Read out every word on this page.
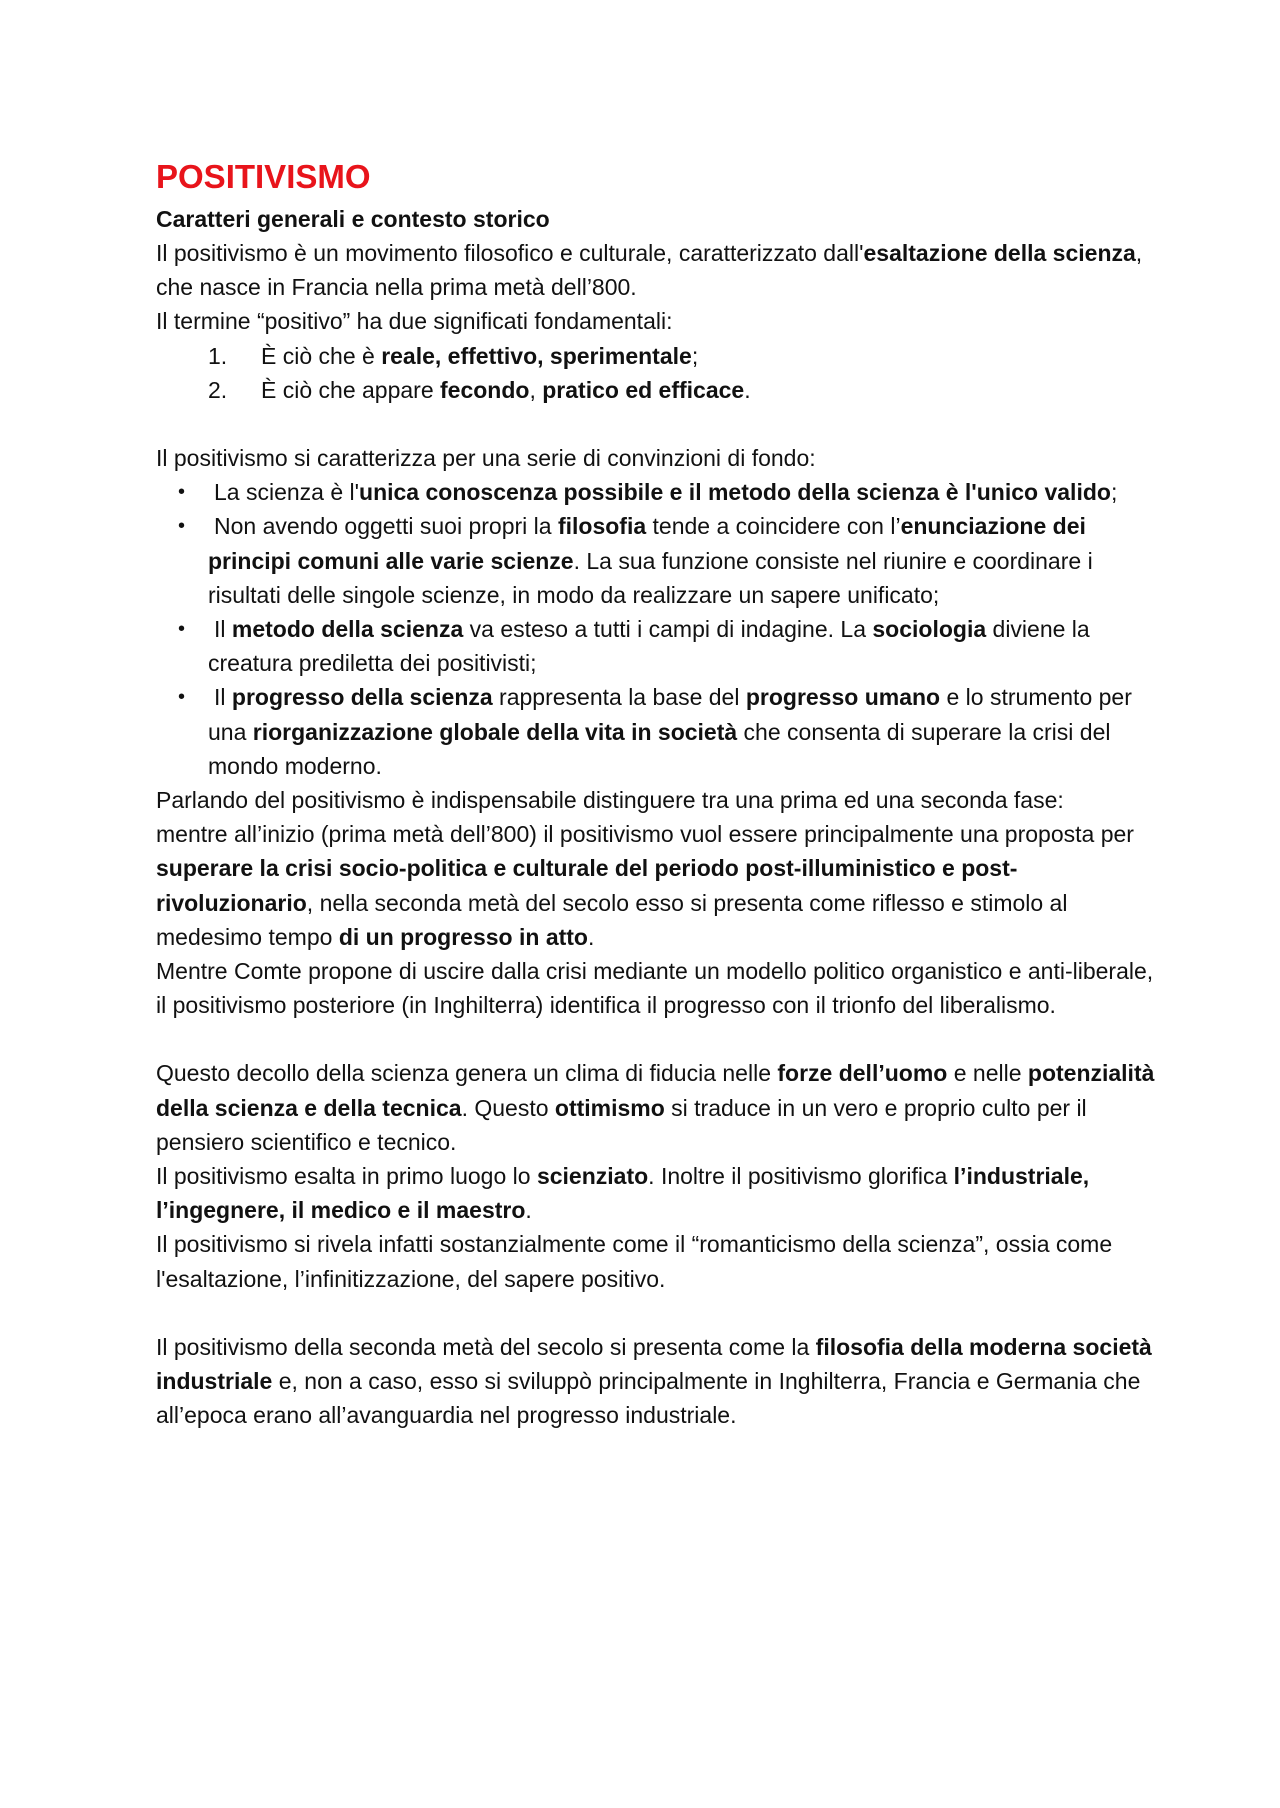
POSITIVISMO
Caratteri generali e contesto storico

Il positivismo è un movimento filosofico e culturale, caratterizzato dall'esaltazione della scienza, che nasce in Francia nella prima metà dell’800.

Il termine “positivo” ha due significati fondamentali:

1. È ciò che è reale, effettivo, sperimentale;
2. È ciò che appare fecondo, pratico ed efficace.

Il positivismo si caratterizza per una serie di convinzioni di fondo:

• La scienza è l'unica conoscenza possibile e il metodo della scienza è l'unico valido;
• Non avendo oggetti suoi propri la filosofia tende a coincidere con l’enunciazione dei principi comuni alle varie scienze. La sua funzione consiste nel riunire e coordinare i risultati delle singole scienze, in modo da realizzare un sapere unificato;
• Il metodo della scienza va esteso a tutti i campi di indagine. La sociologia diviene la creatura prediletta dei positivisti;
• Il progresso della scienza rappresenta la base del progresso umano e lo strumento per una riorganizzazione globale della vita in società che consenta di superare la crisi del mondo moderno.

Parlando del positivismo è indispensabile distinguere tra una prima ed una seconda fase:

mentre all’inizio (prima metà dell’800) il positivismo vuol essere principalmente una proposta per superare la crisi socio-politica e culturale del periodo post-illuministico e post-rivoluzionario, nella seconda metà del secolo esso si presenta come riflesso e stimolo al medesimo tempo di un progresso in atto.

Mentre Comte propone di uscire dalla crisi mediante un modello politico organistico e anti-liberale, il positivismo posteriore (in Inghilterra) identifica il progresso con il trionfo del liberalismo.

Questo decollo della scienza genera un clima di fiducia nelle forze dell’uomo e nelle potenzialità della scienza e della tecnica. Questo ottimismo si traduce in un vero e proprio culto per il pensiero scientifico e tecnico.

Il positivismo esalta in primo luogo lo scienziato. Inoltre il positivismo glorifica l’industriale, l’ingegnere, il medico e il maestro.

Il positivismo si rivela infatti sostanzialmente come il “romanticismo della scienza”, ossia come l'esaltazione, l’infinitizzazione, del sapere positivo.

Il positivismo della seconda metà del secolo si presenta come la filosofia della moderna società industriale e, non a caso, esso si sviluppò principalmente in Inghilterra, Francia e Germania che all’epoca erano all’avanguardia nel progresso industriale.
